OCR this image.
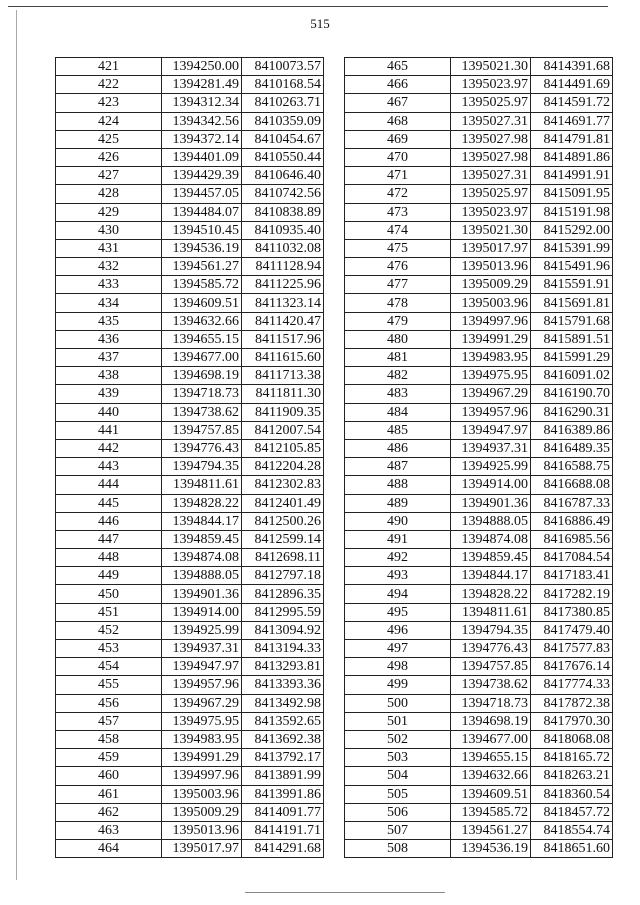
515
421	1394250.00	8410073.57
422	1394281.49	8410168.54
423	1394312.34	8410263.71
424	1394342.56	8410359.09
425	1394372.14	8410454.67
426	1394401.09	8410550.44
427	1394429.39	8410646.40
428	1394457.05	8410742.56
429	1394484.07	8410838.89
430	1394510.45	8410935.40
431	1394536.19	8411032.08
432	1394561.27	8411128.94
433	1394585.72	8411225.96
434	1394609.51	8411323.14
435	1394632.66	8411420.47
436	1394655.15	8411517.96
437	1394677.00	8411615.60
438	1394698.19	8411713.38
439	1394718.73	8411811.30
440	1394738.62	8411909.35
441	1394757.85	8412007.54
442	1394776.43	8412105.85
443	1394794.35	8412204.28
444	1394811.61	8412302.83
445	1394828.22	8412401.49
446	1394844.17	8412500.26
447	1394859.45	8412599.14
448	1394874.08	8412698.11
449	1394888.05	8412797.18
450	1394901.36	8412896.35
451	1394914.00	8412995.59
452	1394925.99	8413094.92
453	1394937.31	8413194.33
454	1394947.97	8413293.81
455	1394957.96	8413393.36
456	1394967.29	8413492.98
457	1394975.95	8413592.65
458	1394983.95	8413692.38
459	1394991.29	8413792.17
460	1394997.96	8413891.99
461	1395003.96	8413991.86
462	1395009.29	8414091.77
463	1395013.96	8414191.71
464	1395017.97	8414291.68
465	1395021.30	8414391.68
466	1395023.97	8414491.69
467	1395025.97	8414591.72
468	1395027.31	8414691.77
469	1395027.98	8414791.81
470	1395027.98	8414891.86
471	1395027.31	8414991.91
472	1395025.97	8415091.95
473	1395023.97	8415191.98
474	1395021.30	8415292.00
475	1395017.97	8415391.99
476	1395013.96	8415491.96
477	1395009.29	8415591.91
478	1395003.96	8415691.81
479	1394997.96	8415791.68
480	1394991.29	8415891.51
481	1394983.95	8415991.29
482	1394975.95	8416091.02
483	1394967.29	8416190.70
484	1394957.96	8416290.31
485	1394947.97	8416389.86
486	1394937.31	8416489.35
487	1394925.99	8416588.75
488	1394914.00	8416688.08
489	1394901.36	8416787.33
490	1394888.05	8416886.49
491	1394874.08	8416985.56
492	1394859.45	8417084.54
493	1394844.17	8417183.41
494	1394828.22	8417282.19
495	1394811.61	8417380.85
496	1394794.35	8417479.40
497	1394776.43	8417577.83
498	1394757.85	8417676.14
499	1394738.62	8417774.33
500	1394718.73	8417872.38
501	1394698.19	8417970.30
502	1394677.00	8418068.08
503	1394655.15	8418165.72
504	1394632.66	8418263.21
505	1394609.51	8418360.54
506	1394585.72	8418457.72
507	1394561.27	8418554.74
508	1394536.19	8418651.60
